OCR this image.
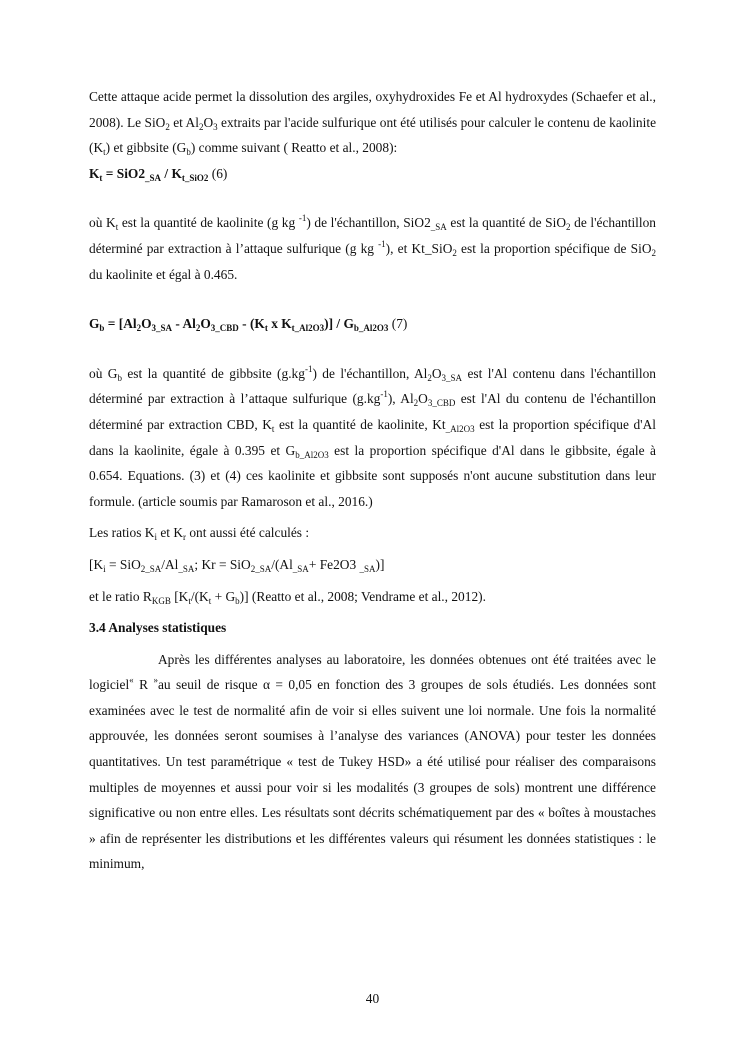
Cette attaque acide permet la dissolution des argiles, oxyhydroxides Fe et Al hydroxydes (Schaefer et al., 2008). Le SiO$_2$ et $Al_2O_3$ extraits par l'acide sulfurique ont été utilisés pour calculer le contenu de kaolinite $(K_t)$ et gibbsite $(G_b)$ comme suivant ( Reatto et al., 2008):

$K_t = SiO2_{\_SA} / K_{t\_SiO2}$ (6)

où $K_t$ est la quantité de kaolinite (g kg $^{-1}$) de l'échantillon, $SiO2_{\_SA}$ est la quantité de SiO$_2$ de l'échantillon déterminé par extraction à l’attaque sulfurique (g kg $^{-1}$), et Kt_SiO$_2$ est la proportion spécifique de SiO$_2$ du kaolinite et égal à 0.465.

$G_b = [Al_2O_{3\_SA} - Al_2O_{3\_CBD} - (K_t$ x $K_{t\_Al2O3})] / G_{b\_Al2O3}$ (7)

où $G_b$ est la quantité de gibbsite $(g.kg^{-1})$ de l'échantillon, $Al_2O_{3\_SA}$ est l'Al contenu dans l'échantillon déterminé par extraction à l’attaque sulfurique $(g.kg^{-1})$, $Al_2O_{3\_CBD}$ est l'Al du contenu de l'échantillon déterminé par extraction CBD, $K_t$ est la quantité de kaolinite, $Kt_{\_Al2O3}$ est la proportion spécifique d'Al dans la kaolinite, égale à 0.395 et $G_{b\_Al2O3}$ est la proportion spécifique d'Al dans le gibbsite, égale à 0.654. Equations. (3) et (4) ces kaolinite et gibbsite sont supposés n'ont aucune substitution dans leur formule. (article soumis par Ramaroson et al., 2016.)

Les ratios $K_i$ et $K_r$ ont aussi été calculés :

[$K_i = SiO_{2\_SA}/Al_{\_SA}$; $Kr = SiO_{2\_SA}/(Al_{\_SA}+ Fe2O3$ $_{\_SA}$)]

et le ratio $R_{KGB}$ $[K_t/(K_t + G_b)]$ (Reatto et al., 2008; Vendrame et al., 2012).

3.4 Analyses statistiques

Après les différentes analyses au laboratoire, les données obtenues ont été traitées avec le logiciel« R »au seuil de risque α = 0,05 en fonction des 3 groupes de sols étudiés. Les données sont examinées avec le test de normalité afin de voir si elles suivent une loi normale. Une fois la normalité approuvée, les données seront soumises à l’analyse des variances (ANOVA) pour tester les données quantitatives. Un test paramétrique « test de Tukey HSD» a été utilisé pour réaliser des comparaisons multiples de moyennes et aussi pour voir si les modalités (3 groupes de sols) montrent une différence significative ou non entre elles. Les résultats sont décrits schématiquement par des « boîtes à moustaches » afin de représenter les distributions et les différentes valeurs qui résument les données statistiques : le minimum,

40
